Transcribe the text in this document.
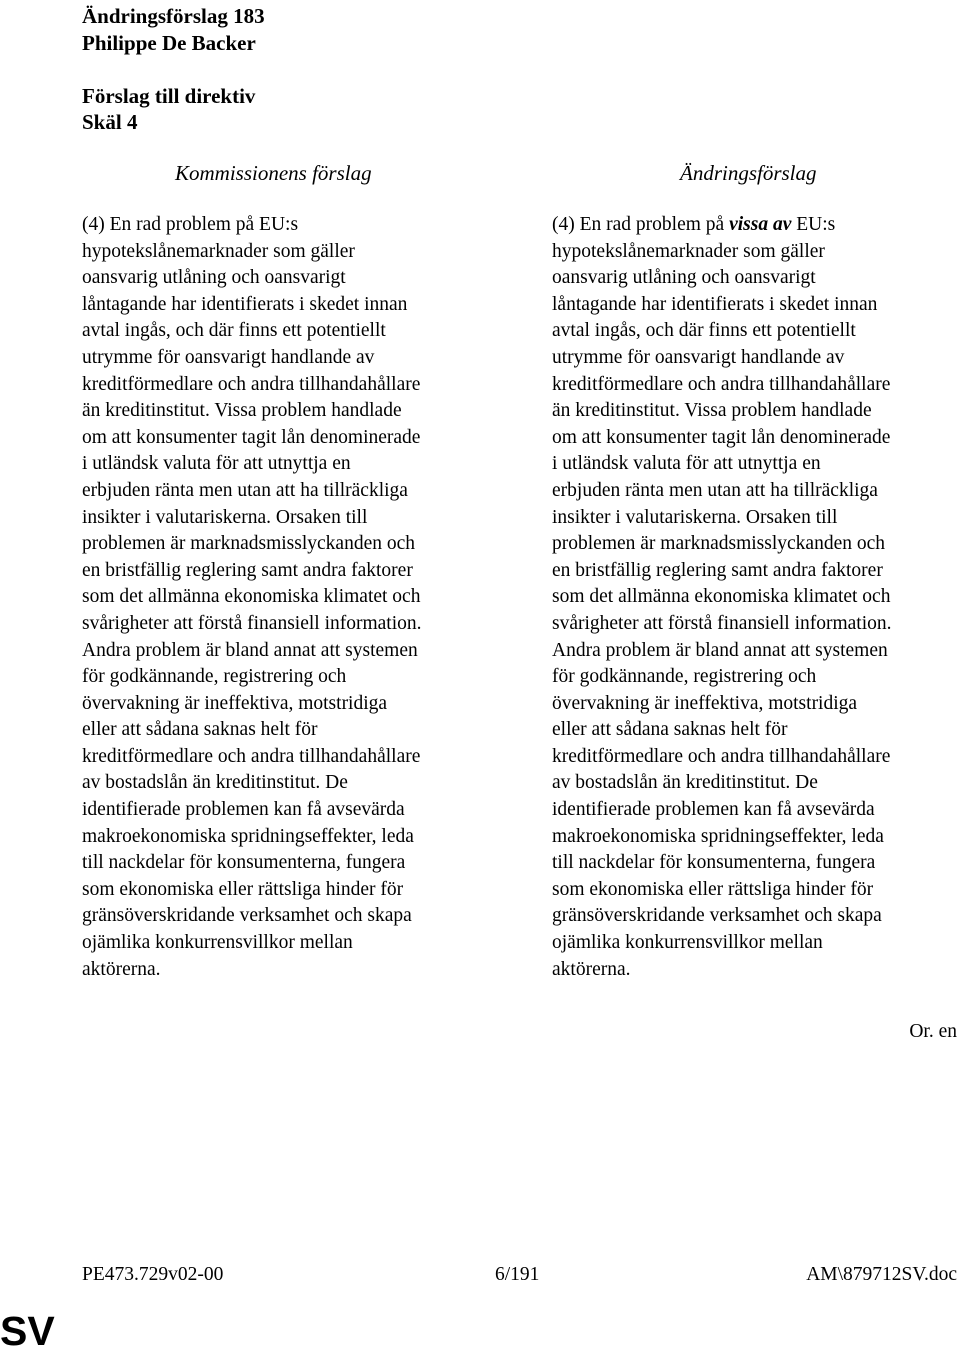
Ändringsförslag 183
Philippe De Backer
Förslag till direktiv
Skäl 4
Kommissionens förslag	Ändringsförslag
(4) En rad problem på EU:s
hypotekslånemarknader som gäller
oansvarig utlåning och oansvarigt
låntagande har identifierats i skedet innan
avtal ingås, och där finns ett potentiellt
utrymme för oansvarigt handlande av
kreditförmedlare och andra tillhandahållare
än kreditinstitut. Vissa problem handlade
om att konsumenter tagit lån denominerade
i utländsk valuta för att utnyttja en
erbjuden ränta men utan att ha tillräckliga
insikter i valutariskerna. Orsaken till
problemen är marknadsmisslyckanden och
en bristfällig reglering samt andra faktorer
som det allmänna ekonomiska klimatet och
svårigheter att förstå finansiell information.
Andra problem är bland annat att systemen
för godkännande, registrering och
övervakning är ineffektiva, motstridiga
eller att sådana saknas helt för
kreditförmedlare och andra tillhandahållare
av bostadslån än kreditinstitut. De
identifierade problemen kan få avsevärda
makroekonomiska spridningseffekter, leda
till nackdelar för konsumenterna, fungera
som ekonomiska eller rättsliga hinder för
gränsöverskridande verksamhet och skapa
ojämlika konkurrensvillkor mellan
aktörerna.
(4) En rad problem på vissa av EU:s
hypotekslånemarknader som gäller
oansvarig utlåning och oansvarigt
låntagande har identifierats i skedet innan
avtal ingås, och där finns ett potentiellt
utrymme för oansvarigt handlande av
kreditförmedlare och andra tillhandahållare
än kreditinstitut. Vissa problem handlade
om att konsumenter tagit lån denominerade
i utländsk valuta för att utnyttja en
erbjuden ränta men utan att ha tillräckliga
insikter i valutariskerna. Orsaken till
problemen är marknadsmisslyckanden och
en bristfällig reglering samt andra faktorer
som det allmänna ekonomiska klimatet och
svårigheter att förstå finansiell information.
Andra problem är bland annat att systemen
för godkännande, registrering och
övervakning är ineffektiva, motstridiga
eller att sådana saknas helt för
kreditförmedlare och andra tillhandahållare
av bostadslån än kreditinstitut. De
identifierade problemen kan få avsevärda
makroekonomiska spridningseffekter, leda
till nackdelar för konsumenterna, fungera
som ekonomiska eller rättsliga hinder för
gränsöverskridande verksamhet och skapa
ojämlika konkurrensvillkor mellan
aktörerna.
Or. en
PE473.729v02-00	6/191	AM\879712SV.doc
SV
